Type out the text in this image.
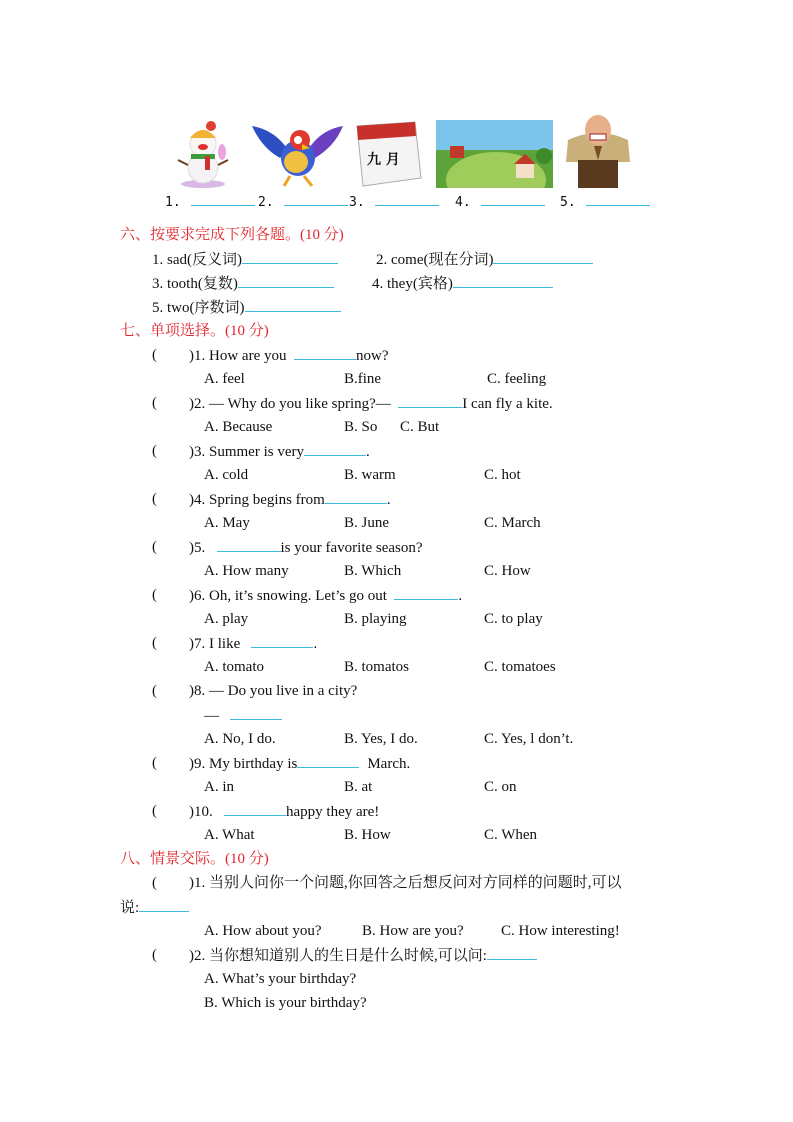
九 月
1.	2.	3.	4.	5.
六、按要求完成下列各题。(10 分)
1. sad(反义词)	2. come(现在分词)
3. tooth(复数)	4. they(宾格)
5. two(序数词)
七、单项选择。(10 分)
( )1. How are you	now?
A. feel	B.fine	C. feeling
( )2. — Why do you like spring?—	I can fly a kite.
A. Because	B. So C. But
( )3. Summer is very	.
A. cold	B. warm	C. hot
( )4. Spring begins from	.
A. May	B. June	C. March
( )5.	is your favorite season?
A. How many	B. Which	C. How
( )6. Oh, it’s snowing. Let’s go out	.
A. play	B. playing	C. to play
( )7. I like	.
A. tomato	B. tomatos	C. tomatoes
( )8. — Do you live in a city?
—
A. No, I do.	B. Yes, I do.	C. Yes, l don’t.
( )9. My birthday is	March.
A. in	B. at	C. on
( )10.	happy they are!
A. What	B. How	C. When
八、情景交际。(10 分)
( )1. 当别人问你一个问题,你回答之后想反问对方同样的问题时,可以
说:
A. How about you?	B. How are you? C. How interesting!
( )2. 当你想知道别人的生日是什么时候,可以问:
A. What’s your birthday?
B. Which is your birthday?
